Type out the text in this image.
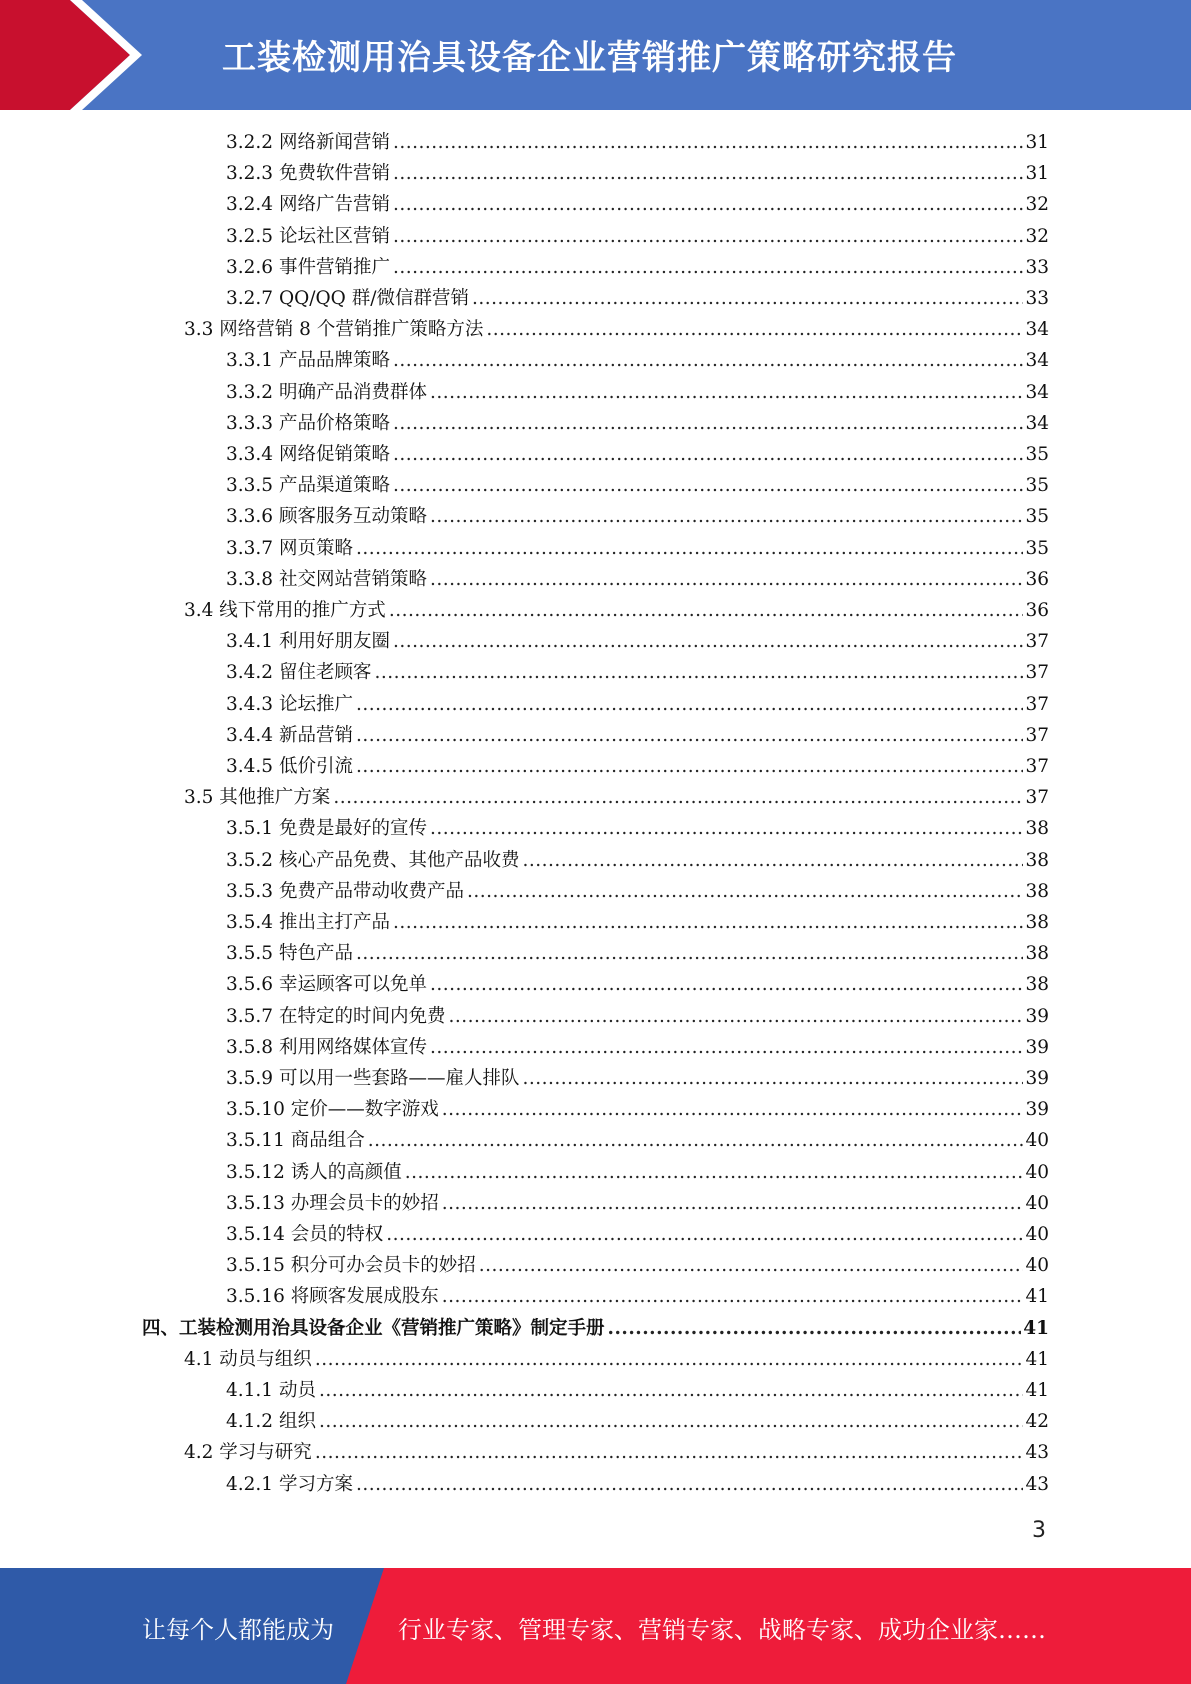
工装检测用治具设备企业营销推广策略研究报告
3.2.2 网络新闻营销 .....	31
3.2.3 免费软件营销 .....	31
3.2.4 网络广告营销 .....	32
3.2.5 论坛社区营销 .....	32
3.2.6 事件营销推广 .....	33
3.2.7 QQ/QQ 群/微信群营销 .....	33
3.3 网络营销 8 个营销推广策略方法 .....	34
3.3.1 产品品牌策略 .....	34
3.3.2 明确产品消费群体 .....	34
3.3.3 产品价格策略 .....	34
3.3.4 网络促销策略 .....	35
3.3.5 产品渠道策略 .....	35
3.3.6 顾客服务互动策略 .....	35
3.3.7 网页策略 .....	35
3.3.8 社交网站营销策略 .....	36
3.4 线下常用的推广方式 .....	36
3.4.1 利用好朋友圈 .....	37
3.4.2 留住老顾客 .....	37
3.4.3 论坛推广 .....	37
3.4.4 新品营销 .....	37
3.4.5 低价引流 .....	37
3.5 其他推广方案 .....	37
3.5.1 免费是最好的宣传 .....	38
3.5.2 核心产品免费、其他产品收费 .....	38
3.5.3 免费产品带动收费产品 .....	38
3.5.4 推出主打产品 .....	38
3.5.5 特色产品 .....	38
3.5.6 幸运顾客可以免单 .....	38
3.5.7 在特定的时间内免费 .....	39
3.5.8 利用网络媒体宣传 .....	39
3.5.9 可以用一些套路——雇人排队 .....	39
3.5.10 定价——数字游戏 .....	39
3.5.11 商品组合 .....	40
3.5.12 诱人的高颜值 .....	40
3.5.13 办理会员卡的妙招 .....	40
3.5.14 会员的特权 .....	40
3.5.15 积分可办会员卡的妙招 .....	40
3.5.16 将顾客发展成股东 .....	41
四、工装检测用治具设备企业《营销推广策略》制定手册 .....	41
4.1 动员与组织 .....	41
4.1.1 动员 .....	41
4.1.2 组织 .....	42
4.2 学习与研究 .....	43
4.2.1 学习方案 .....	43
3
让每个人都能成为	行业专家、管理专家、营销专家、战略专家、成功企业家……
